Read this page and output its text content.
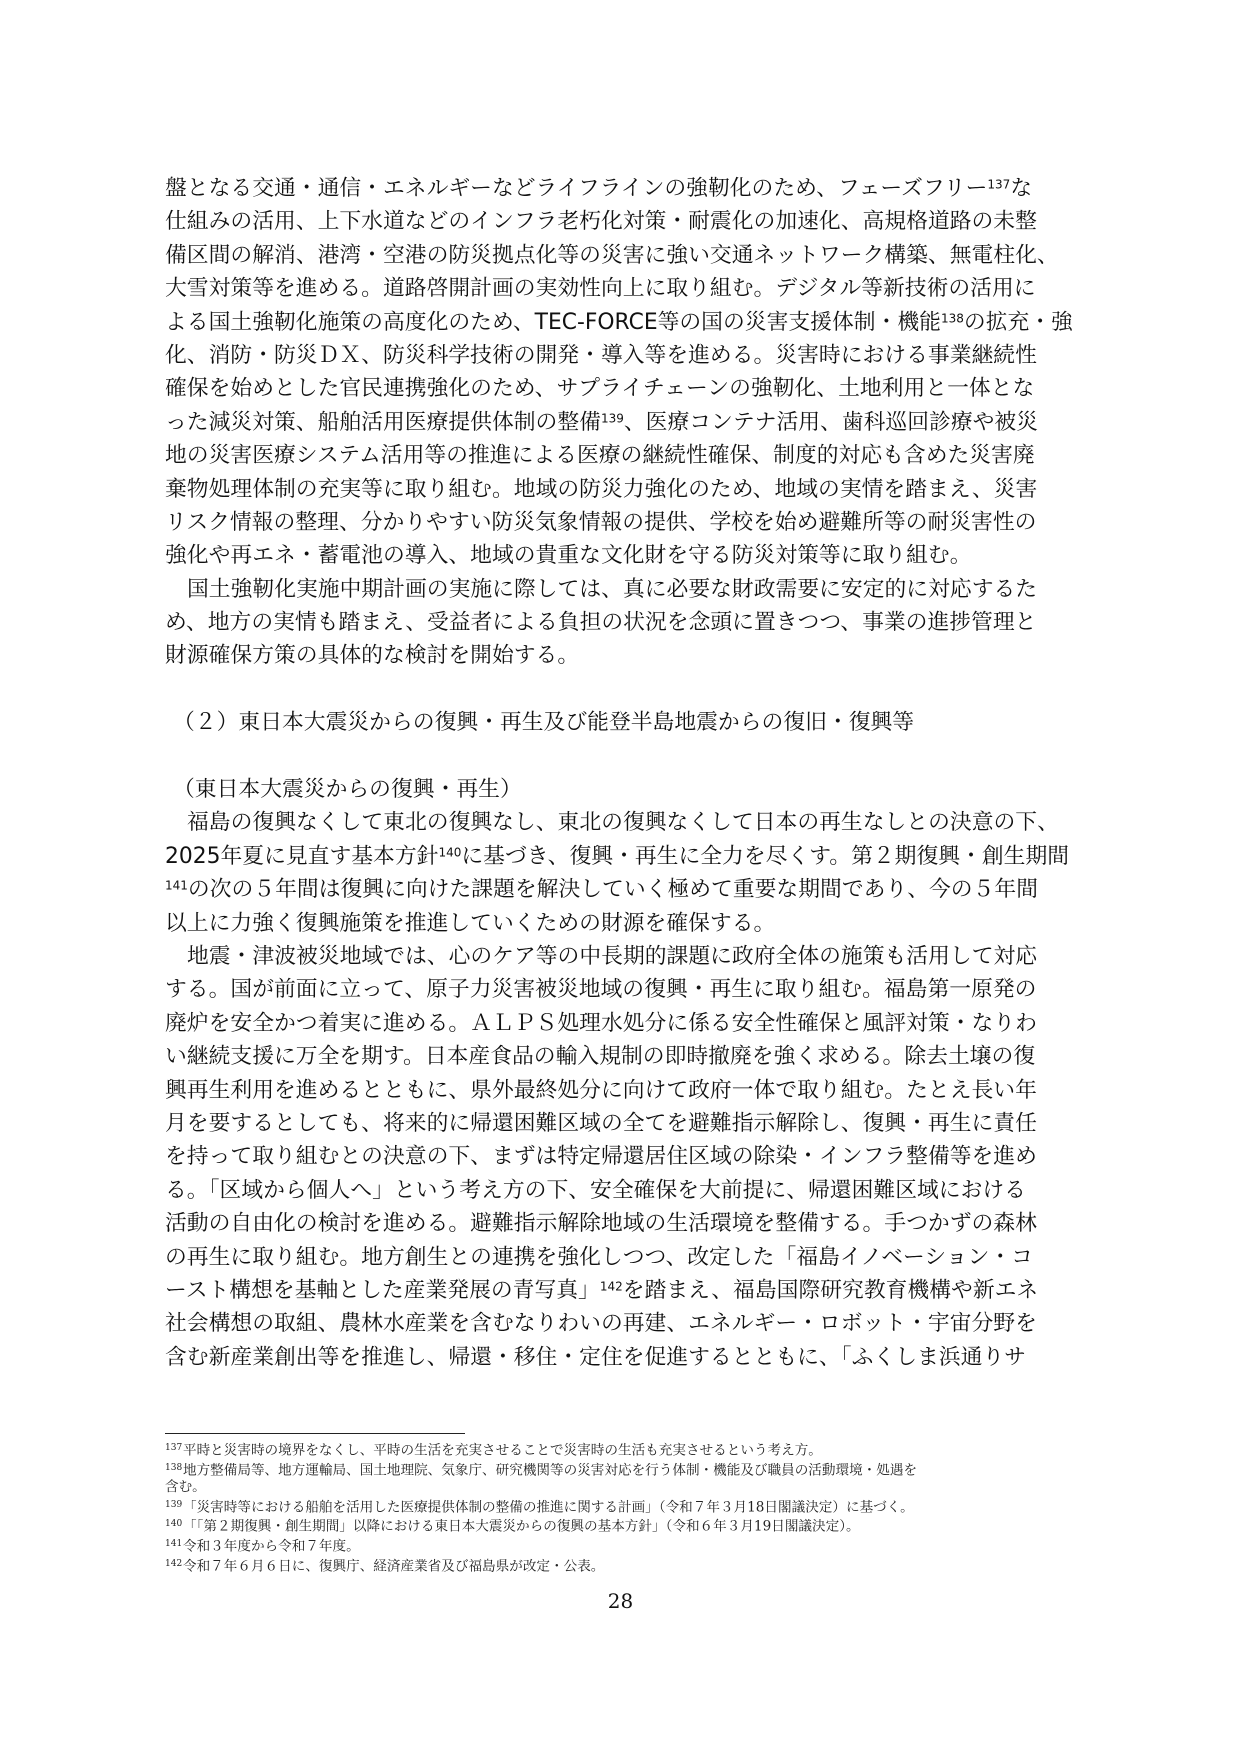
盤となる交通・通信・エネルギーなどライフラインの強靭化のため、フェーズフリー$^{137}$な
仕組みの活用、上下水道などのインフラ老朽化対策・耐震化の加速化、高規格道路の未整
備区間の解消、港湾・空港の防災拠点化等の災害に強い交通ネットワーク構築、無電柱化、
大雪対策等を進める。道路啓開計画の実効性向上に取り組む。デジタル等新技術の活用に
よる国土強靭化施策の高度化のため、TEC-FORCE等の国の災害支援体制・機能$^{138}$の拡充・強
化、消防・防災ＤＸ、防災科学技術の開発・導入等を進める。災害時における事業継続性
確保を始めとした官民連携強化のため、サプライチェーンの強靭化、土地利用と一体とな
った減災対策、船舶活用医療提供体制の整備$^{139}$、医療コンテナ活用、歯科巡回診療や被災
地の災害医療システム活用等の推進による医療の継続性確保、制度的対応も含めた災害廃
棄物処理体制の充実等に取り組む。地域の防災力強化のため、地域の実情を踏まえ、災害
リスク情報の整理、分かりやすい防災気象情報の提供、学校を始め避難所等の耐災害性の
強化や再エネ・蓄電池の導入、地域の貴重な文化財を守る防災対策等に取り組む。
国土強靭化実施中期計画の実施に際しては、真に必要な財政需要に安定的に対応するた
め、地方の実情も踏まえ、受益者による負担の状況を念頭に置きつつ、事業の進捗管理と
財源確保方策の具体的な検討を開始する。
（２）東日本大震災からの復興・再生及び能登半島地震からの復旧・復興等
（東日本大震災からの復興・再生）
福島の復興なくして東北の復興なし、東北の復興なくして日本の再生なしとの決意の下、
2025年夏に見直す基本方針$^{140}$に基づき、復興・再生に全力を尽くす。第２期復興・創生期間
$^{141}$の次の５年間は復興に向けた課題を解決していく極めて重要な期間であり、今の５年間
以上に力強く復興施策を推進していくための財源を確保する。
地震・津波被災地域では、心のケア等の中長期的課題に政府全体の施策も活用して対応
する。国が前面に立って、原子力災害被災地域の復興・再生に取り組む。福島第一原発の
廃炉を安全かつ着実に進める。ＡＬＰＳ処理水処分に係る安全性確保と風評対策・なりわ
い継続支援に万全を期す。日本産食品の輸入規制の即時撤廃を強く求める。除去土壌の復
興再生利用を進めるとともに、県外最終処分に向けて政府一体で取り組む。たとえ長い年
月を要するとしても、将来的に帰還困難区域の全てを避難指示解除し、復興・再生に責任
を持って取り組むとの決意の下、まずは特定帰還居住区域の除染・インフラ整備等を進め
る。「区域から個人へ」という考え方の下、安全確保を大前提に、帰還困難区域における
活動の自由化の検討を進める。避難指示解除地域の生活環境を整備する。手つかずの森林
の再生に取り組む。地方創生との連携を強化しつつ、改定した「福島イノベーション・コ
ースト構想を基軸とした産業発展の青写真」$^{142}$を踏まえ、福島国際研究教育機構や新エネ
社会構想の取組、農林水産業を含むなりわいの再建、エネルギー・ロボット・宇宙分野を
含む新産業創出等を推進し、帰還・移住・定住を促進するとともに、「ふくしま浜通りサ
137平時と災害時の境界をなくし、平時の生活を充実させることで災害時の生活も充実させるという考え方。
138地方整備局等、地方運輸局、国土地理院、気象庁、研究機関等の災害対応を行う体制・機能及び職員の活動環境・処遇を
含む。
139「災害時等における船舶を活用した医療提供体制の整備の推進に関する計画」（令和７年３月18日閣議決定）に基づく。
140「「第２期復興・創生期間」以降における東日本大震災からの復興の基本方針」（令和６年３月19日閣議決定）。
141令和３年度から令和７年度。
142令和７年６月６日に、復興庁、経済産業省及び福島県が改定・公表。
28
